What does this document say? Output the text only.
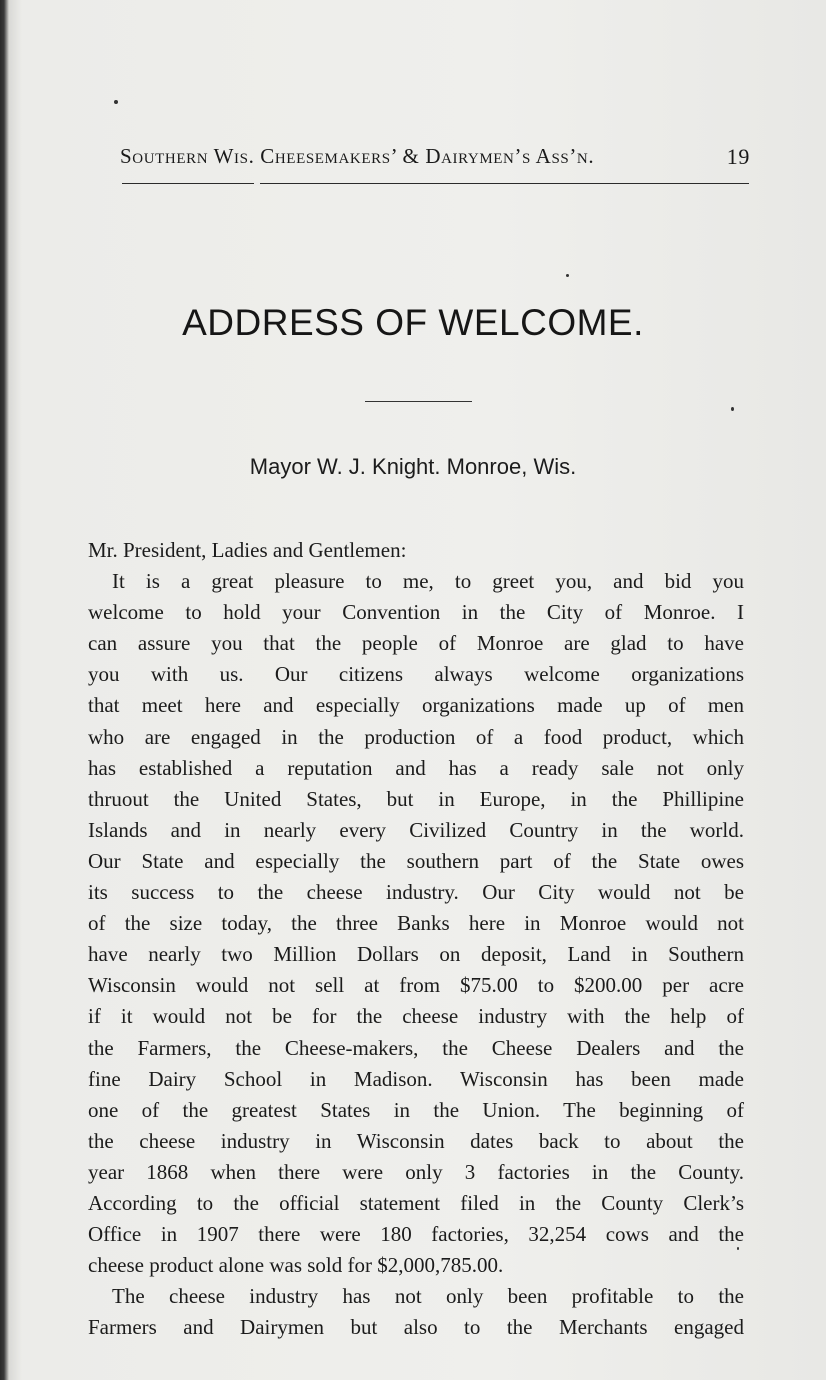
Southern Wis. Cheesemakers’ & Dairymen’s Ass’n.	19
ADDRESS OF WELCOME.
Mayor W. J. Knight. Monroe, Wis.
Mr. President, Ladies and Gentlemen:
It is a great pleasure to me, to greet you, and bid you
welcome to hold your Convention in the City of Monroe. I
can assure you that the people of Monroe are glad to have
you with us. Our citizens always welcome organizations
that meet here and especially organizations made up of men
who are engaged in the production of a food product, which
has established a reputation and has a ready sale not only
thruout the United States, but in Europe, in the Phillipine
Islands and in nearly every Civilized Country in the world.
Our State and especially the southern part of the State owes
its success to the cheese industry. Our City would not be
of the size today, the three Banks here in Monroe would not
have nearly two Million Dollars on deposit, Land in Southern
Wisconsin would not sell at from $75.00 to $200.00 per acre
if it would not be for the cheese industry with the help of
the Farmers, the Cheese-makers, the Cheese Dealers and the
fine Dairy School in Madison. Wisconsin has been made
one of the greatest States in the Union. The beginning of
the cheese industry in Wisconsin dates back to about the
year 1868 when there were only 3 factories in the County.
According to the official statement filed in the County Clerk’s
Office in 1907 there were 180 factories, 32,254 cows and the
cheese product alone was sold for $2,000,785.00.
The cheese industry has not only been profitable to the
Farmers and Dairymen but also to the Merchants engaged
